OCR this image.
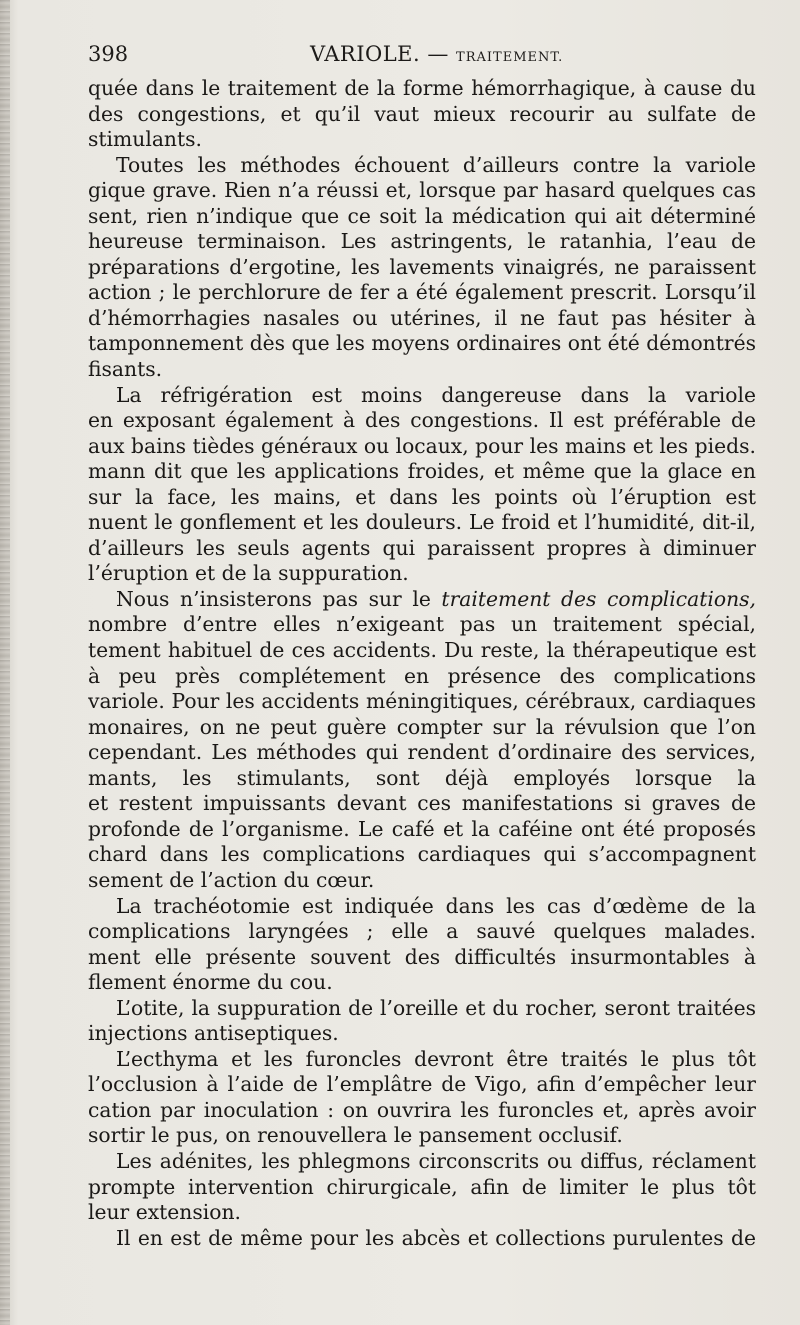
398	VARIOLE. — TRAITEMENT.
quée dans le traitement de la forme hémorrhagique, à cause du
des congestions, et qu’il vaut mieux recourir au sulfate de
stimulants.
Toutes les méthodes échouent d’ailleurs contre la variole
gique grave. Rien n’a réussi et, lorsque par hasard quelques cas
sent, rien n’indique que ce soit la médication qui ait déterminé
heureuse terminaison. Les astringents, le ratanhia, l’eau de
préparations d’ergotine, les lavements vinaigrés, ne paraissent
action ; le perchlorure de fer a été également prescrit. Lorsqu’il
d’hémorrhagies nasales ou utérines, il ne faut pas hésiter à
tamponnement dès que les moyens ordinaires ont été démontrés
fisants.
La réfrigération est moins dangereuse dans la variole
en exposant également à des congestions. Il est préférable de
aux bains tièdes généraux ou locaux, pour les mains et les pieds.
mann dit que les applications froides, et même que la glace en
sur la face, les mains, et dans les points où l’éruption est
nuent le gonflement et les douleurs. Le froid et l’humidité, dit-il,
d’ailleurs les seuls agents qui paraissent propres à diminuer
l’éruption et de la suppuration.
Nous n’insisterons pas sur le traitement des complications,
nombre d’entre elles n’exigeant pas un traitement spécial,
tement habituel de ces accidents. Du reste, la thérapeutique est
à peu près complétement en présence des complications
variole. Pour les accidents méningitiques, cérébraux, cardiaques
monaires, on ne peut guère compter sur la révulsion que l’on
cependant. Les méthodes qui rendent d’ordinaire des services,
mants, les stimulants, sont déjà employés lorsque la
et restent impuissants devant ces manifestations si graves de
profonde de l’organisme. Le café et la caféine ont été proposés
chard dans les complications cardiaques qui s’accompagnent
sement de l’action du cœur.
La trachéotomie est indiquée dans les cas d’œdème de la
complications laryngées ; elle a sauvé quelques malades.
ment elle présente souvent des difficultés insurmontables à
flement énorme du cou.
L’otite, la suppuration de l’oreille et du rocher, seront traitées
injections antiseptiques.
L’ecthyma et les furoncles devront être traités le plus tôt
l’occlusion à l’aide de l’emplâtre de Vigo, afin d’empêcher leur
cation par inoculation : on ouvrira les furoncles et, après avoir
sortir le pus, on renouvellera le pansement occlusif.
Les adénites, les phlegmons circonscrits ou diffus, réclament
prompte intervention chirurgicale, afin de limiter le plus tôt
leur extension.
Il en est de même pour les abcès et collections purulentes de
